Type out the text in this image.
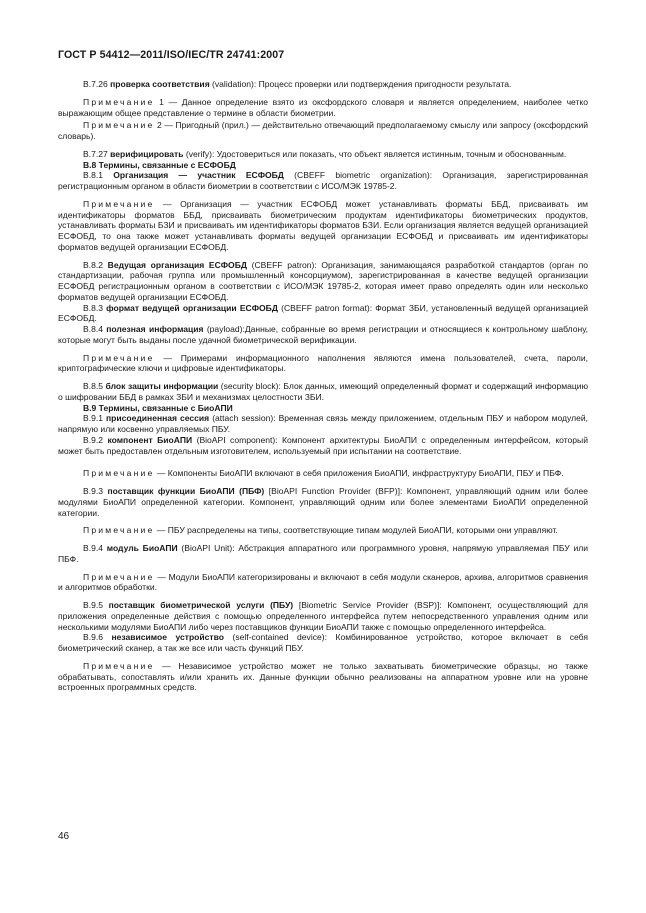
ГОСТ Р 54412—2011/ISO/IEC/TR 24741:2007

В.7.26 проверка соответствия (validation): Процесс проверки или подтверждения пригодности результата.

Примечание 1 — Данное определение взято из оксфордского словаря и является определением, наиболее четко выражающим общее представление о термине в области биометрии.

Примечание 2 — Пригодный (прил.) — действительно отвечающий предполагаемому смыслу или запросу (оксфордский словарь).

В.7.27 верифицировать (verify): Удостовериться или показать, что объект является истинным, точным и обоснованным.

В.8 Термины, связанные с ЕСФОБД

В.8.1 Организация — участник ЕСФОБД (CBEFF biometric organization): Организация, зарегистрированная регистрационным органом в области биометрии в соответствии с ИСО/МЭК 19785-2.

Примечание — Организация — участник ЕСФОБД может устанавливать форматы ББД, присваивать им идентификаторы форматов ББД, присваивать биометрическим продуктам идентификаторы биометрических продуктов, устанавливать форматы БЗИ и присваивать им идентификаторы форматов БЗИ. Если организация является ведущей организацией ЕСФОБД, то она также может устанавливать форматы ведущей организации ЕСФОБД и присваивать им идентификаторы форматов ведущей организации ЕСФОБД.

В.8.2 Ведущая организация ЕСФОБД (CBEFF patron): Организация, занимающаяся разработкой стандартов (орган по стандартизации, рабочая группа или промышленный консорциумом), зарегистрированная в качестве ведущей организации ЕСФОБД регистрационным органом в соответствии с ИСО/МЭК 19785-2, которая имеет право определять один или несколько форматов ведущей организации ЕСФОБД.

В.8.3 формат ведущей организации ЕСФОБД (CBEFF patron format): Формат ЗБИ, установленный ведущей организацией ЕСФОБД.

В.8.4 полезная информация (payload):Данные, собранные во время регистрации и относящиеся к контрольному шаблону, которые могут быть выданы после удачной биометрической верификации.

Примечание — Примерами информационного наполнения являются имена пользователей, счета, пароли, криптографические ключи и цифровые идентификаторы.

В.8.5 блок защиты информации (security block): Блок данных, имеющий определенный формат и содержащий информацию о шифровании ББД в рамках ЗБИ и механизмах целостности ЗБИ.

В.9 Термины, связанные с БиоАПИ

В.9.1 присоединенная сессия (attach session): Временная связь между приложением, отдельным ПБУ и набором модулей, напрямую или косвенно управляемых ПБУ.

В.9.2 компонент БиоАПИ (BioAPI component): Компонент архитектуры БиоАПИ с определенным интерфейсом, который может быть предоставлен отдельным изготовителем, используемый при испытании на соответствие.

Примечание — Компоненты БиоАПИ включают в себя приложения БиоАПИ, инфраструктуру БиоАПИ, ПБУ и ПБФ.

В.9.3 поставщик функции БиоАПИ (ПБФ) [BioAPI Function Provider (BFP)]: Компонент, управляющий одним или более модулями БиоАПИ определенной категории. Компонент, управляющий одним или более элементами БиоАПИ определенной категории.

Примечание — ПБУ распределены на типы, соответствующие типам модулей БиоАПИ, которыми они управляют.

В.9.4 модуль БиоАПИ (BioAPI Unit): Абстракция аппаратного или программного уровня, напрямую управляемая ПБУ или ПБФ.

Примечание — Модули БиоАПИ категоризированы и включают в себя модули сканеров, архива, алгоритмов сравнения и алгоритмов обработки.

В.9.5 поставщик биометрической услуги (ПБУ) [Biometric Service Provider (BSP)]: Компонент, осуществляющий для приложения определенные действия с помощью определенного интерфейса путем непосредственного управления одним или несколькими модулями БиоАПИ либо через поставщиков функции БиоАПИ также с помощью определенного интерфейса.

В.9.6 независимое устройство (self-contained device): Комбинированное устройство, которое включает в себя биометрический сканер, а так же все или часть функций ПБУ.

Примечание — Независимое устройство может не только захватывать биометрические образцы, но также обрабатывать, сопоставлять и/или хранить их. Данные функции обычно реализованы на аппаратном уровне или на уровне встроенных программных средств.

46
